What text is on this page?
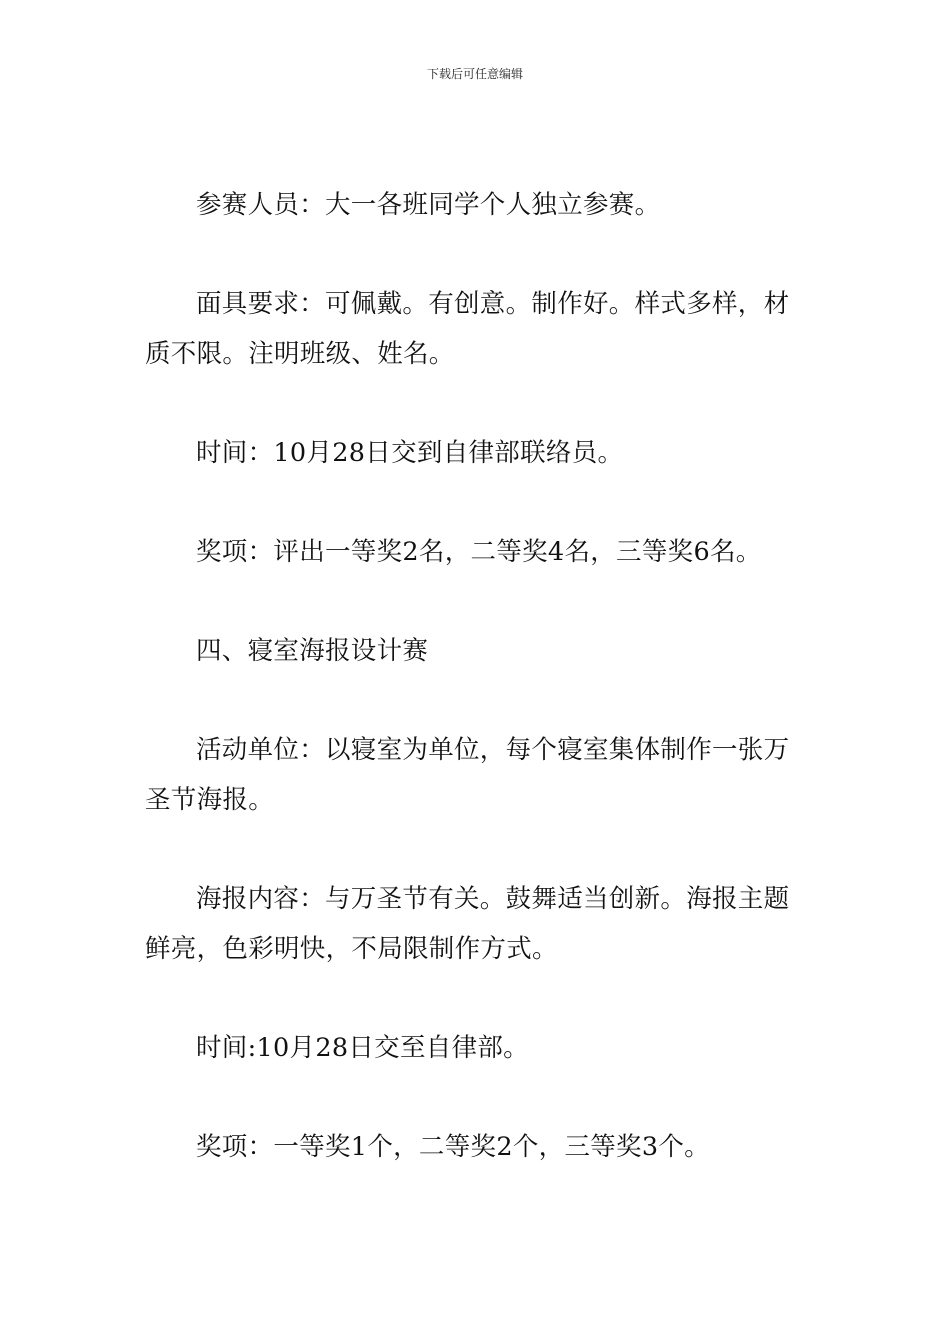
下载后可任意编辑

参赛人员：大一各班同学个人独立参赛。

面具要求：可佩戴。有创意。制作好。样式多样，材质不限。注明班级、姓名。

时间：10月28日交到自律部联络员。

奖项：评出一等奖2名，二等奖4名，三等奖6名。

四、寝室海报设计赛

活动单位：以寝室为单位，每个寝室集体制作一张万圣节海报。

海报内容：与万圣节有关。鼓舞适当创新。海报主题鲜亮，色彩明快，不局限制作方式。

时间:10月28日交至自律部。

奖项：一等奖1个，二等奖2个，三等奖3个。
